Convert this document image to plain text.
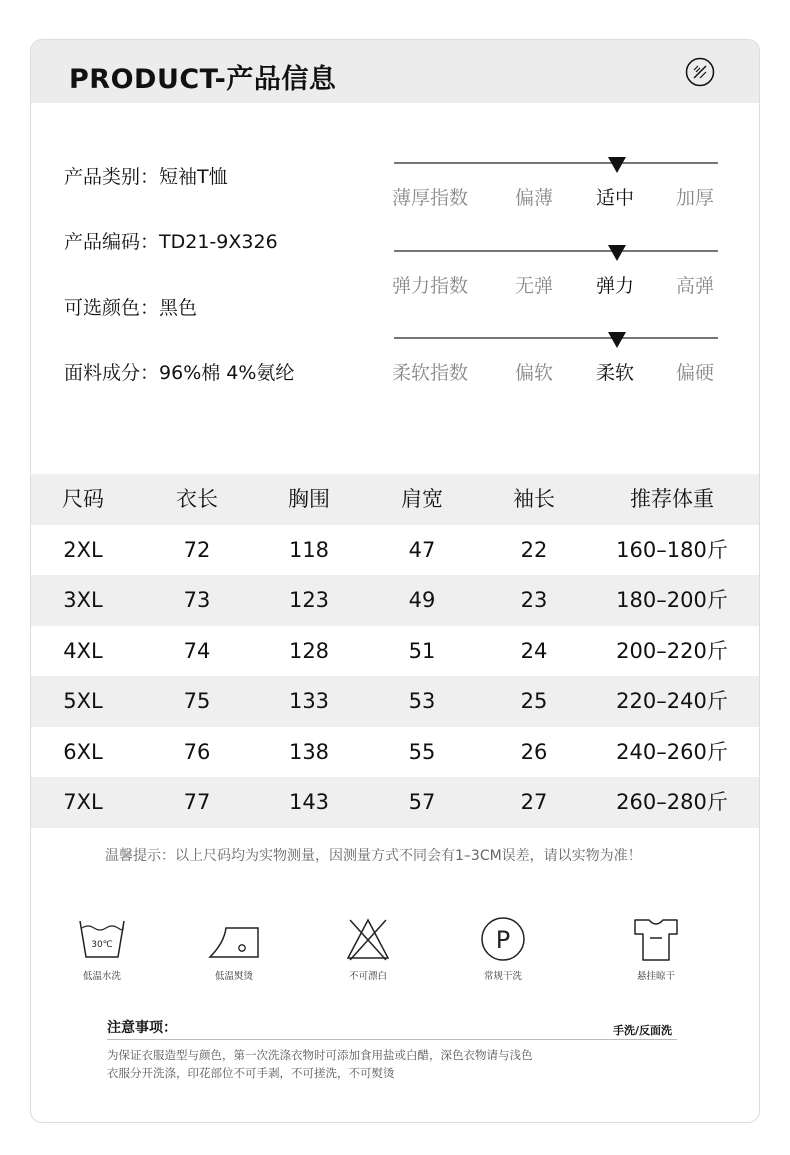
PRODUCT-产品信息
产品类别：短袖T恤
产品编码：TD21-9X326
可选颜色：黑色
面料成分：96%棉 4%氨纶
薄厚指数 偏薄 适中 加厚
弹力指数 无弹 弹力 高弹
柔软指数 偏软 柔软 偏硬
尺码	衣长	胸围	肩宽	袖长	推荐体重
2XL	72	118	47	22	160–180斤
3XL	73	123	49	23	180–200斤
4XL	74	128	51	24	200–220斤
5XL	75	133	53	25	220–240斤
6XL	76	138	55	26	240–260斤
7XL	77	143	57	27	260–280斤
温馨提示：以上尺码均为实物测量，因测量方式不同会有1–3CM误差，请以实物为准！
30℃
低温水洗	低温熨烫	不可漂白
P
常规干洗	悬挂晾干
注意事项：	手洗/反面洗
为保证衣服造型与颜色，第一次洗涤衣物时可添加食用盐或白醋，深色衣物请与浅色
衣服分开洗涤，印花部位不可手剥，不可搓洗，不可熨烫
